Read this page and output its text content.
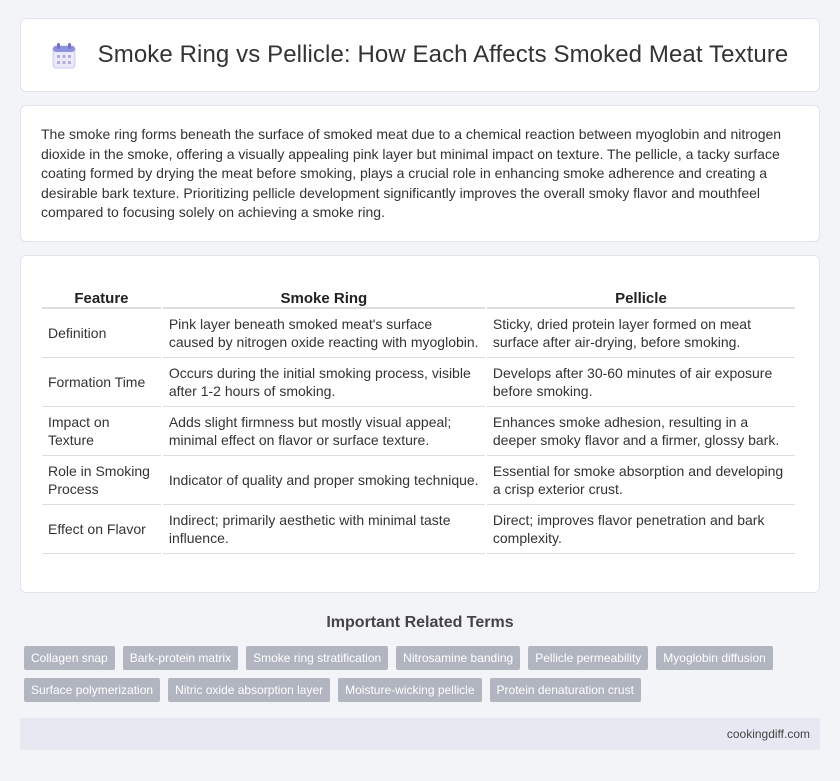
Smoke Ring vs Pellicle: How Each Affects Smoked Meat Texture

The smoke ring forms beneath the surface of smoked meat due to a chemical reaction between myoglobin and nitrogen dioxide in the smoke, offering a visually appealing pink layer but minimal impact on texture. The pellicle, a tacky surface coating formed by drying the meat before smoking, plays a crucial role in enhancing smoke adherence and creating a desirable bark texture. Prioritizing pellicle development significantly improves the overall smoky flavor and mouthfeel compared to focusing solely on achieving a smoke ring.

Feature	Smoke Ring	Pellicle
Definition	Pink layer beneath smoked meat's surface caused by nitrogen oxide reacting with myoglobin.	Sticky, dried protein layer formed on meat surface after air-drying, before smoking.
Formation Time	Occurs during the initial smoking process, visible after 1-2 hours of smoking.	Develops after 30-60 minutes of air exposure before smoking.
Impact on Texture	Adds slight firmness but mostly visual appeal; minimal effect on flavor or surface texture.	Enhances smoke adhesion, resulting in a deeper smoky flavor and a firmer, glossy bark.
Role in Smoking Process	Indicator of quality and proper smoking technique.	Essential for smoke absorption and developing a crisp exterior crust.
Effect on Flavor	Indirect; primarily aesthetic with minimal taste influence.	Direct; improves flavor penetration and bark complexity.
Important Related Terms
Collagen snap	Bark-protein matrix	Smoke ring stratification	Nitrosamine banding	Pellicle permeability	Myoglobin diffusion
Surface polymerization	Nitric oxide absorption layer	Moisture-wicking pellicle	Protein denaturation crust
cookingdiff.com
